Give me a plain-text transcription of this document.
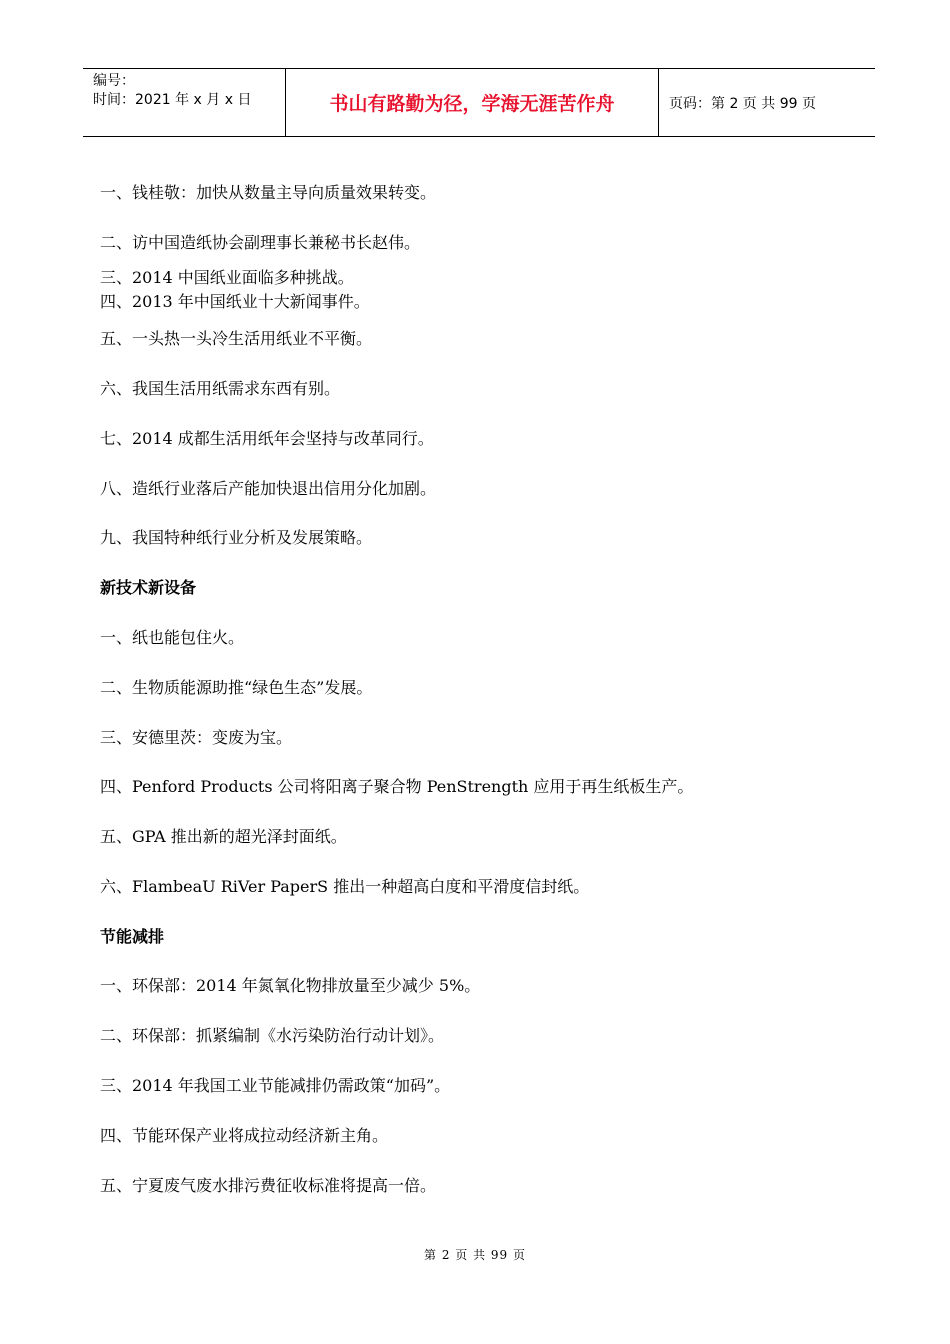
编号：
时间：2021 年 x 月 x 日	书山有路勤为径，学海无涯苦作舟	页码：第 2 页 共 99 页
一、钱桂敬：加快从数量主导向质量效果转变。
二、访中国造纸协会副理事长兼秘书长赵伟。
三、2014 中国纸业面临多种挑战。
四、2013 年中国纸业十大新闻事件。
五、一头热一头冷生活用纸业不平衡。
六、我国生活用纸需求东西有别。
七、2014 成都生活用纸年会坚持与改革同行。
八、造纸行业落后产能加快退出信用分化加剧。
九、我国特种纸行业分析及发展策略。
新技术新设备
一、纸也能包住火。
二、生物质能源助推“绿色生态”发展。
三、安德里茨：变废为宝。
四、Penford Products 公司将阳离子聚合物 PenStrength 应用于再生纸板生产。
五、GPA 推出新的超光泽封面纸。
六、FlambeaU RiVer PaperS 推出一种超高白度和平滑度信封纸。
节能减排
一、环保部：2014 年氮氧化物排放量至少减少 5%。
二、环保部：抓紧编制《水污染防治行动计划》。
三、2014 年我国工业节能减排仍需政策“加码”。
四、节能环保产业将成拉动经济新主角。
五、宁夏废气废水排污费征收标准将提高一倍。
第 2 页 共 99 页
